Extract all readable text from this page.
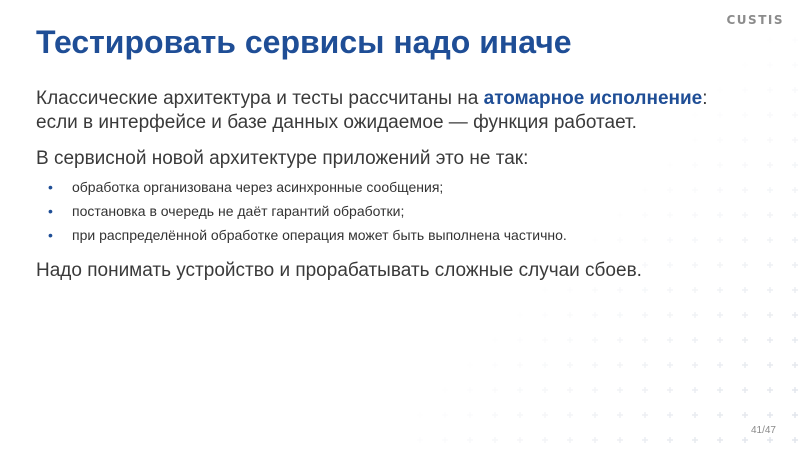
CUSTIS
Тестировать сервисы надо иначе

Классические архитектура и тесты рассчитаны на атомарное исполнение:
если в интерфейсе и базе данных ожидаемое — функция работает.

В сервисной новой архитектуре приложений это не так:

• обработка организована через асинхронные сообщения;
• постановка в очередь не даёт гарантий обработки;
• при распределённой обработке операция может быть выполнена частично.

Надо понимать устройство и прорабатывать сложные случаи сбоев.

41/47
